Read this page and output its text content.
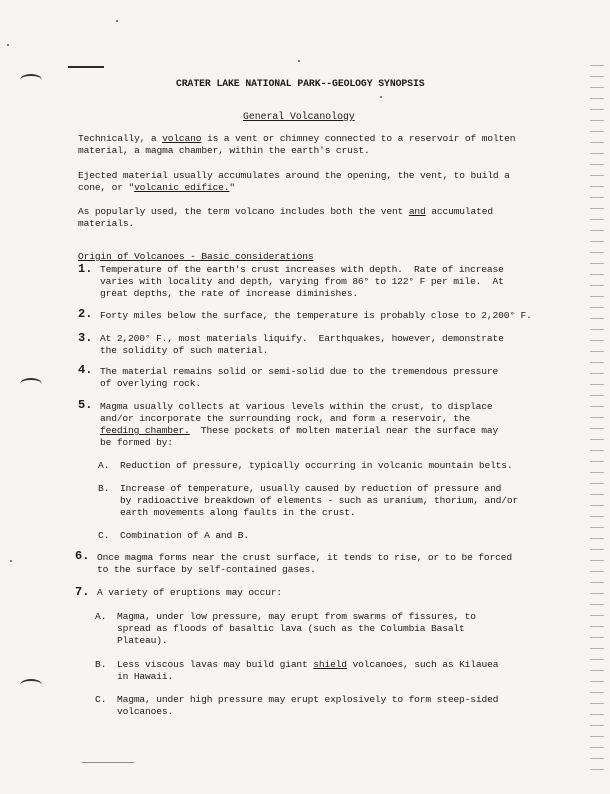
CRATER LAKE NATIONAL PARK--GEOLOGY SYNOPSIS
General Volcanology
Technically, a volcano is a vent or chimney connected to a reservoir of molten
material, a magma chamber, within the earth's crust.
Ejected material usually accumulates around the opening, the vent, to build a
cone, or "volcanic edifice."
As popularly used, the term volcano includes both the vent and accumulated
materials.
Origin of Volcanoes - Basic considerations
1. Temperature of the earth's crust increases with depth.  Rate of increase
varies with locality and depth, varying from 86° to 122° F per mile.  At
great depths, the rate of increase diminishes.
2. Forty miles below the surface, the temperature is probably close to 2,200° F.
3. At 2,200° F., most materials liquify.  Earthquakes, however, demonstrate
the solidity of such material.
4. The material remains solid or semi-solid due to the tremendous pressure
of overlying rock.
5. Magma usually collects at various levels within the crust, to displace
and/or incorporate the surrounding rock, and form a reservoir, the
feeding chamber.  These pockets of molten material near the surface may
be formed by:
A. Reduction of pressure, typically occurring in volcanic mountain belts.
B. Increase of temperature, usually caused by reduction of pressure and
by radioactive breakdown of elements - such as uranium, thorium, and/or
earth movements along faults in the crust.
C. Combination of A and B.
6. Once magma forms near the crust surface, it tends to rise, or to be forced
to the surface by self-contained gases.
7. A variety of eruptions may occur:
A. Magma, under low pressure, may erupt from swarms of fissures, to
spread as floods of basaltic lava (such as the Columbia Basalt
Plateau).
B. Less viscous lavas may build giant shield volcanoes, such as Kilauea
in Hawaii.
C. Magma, under high pressure may erupt explosively to form steep-sided
volcanoes.
